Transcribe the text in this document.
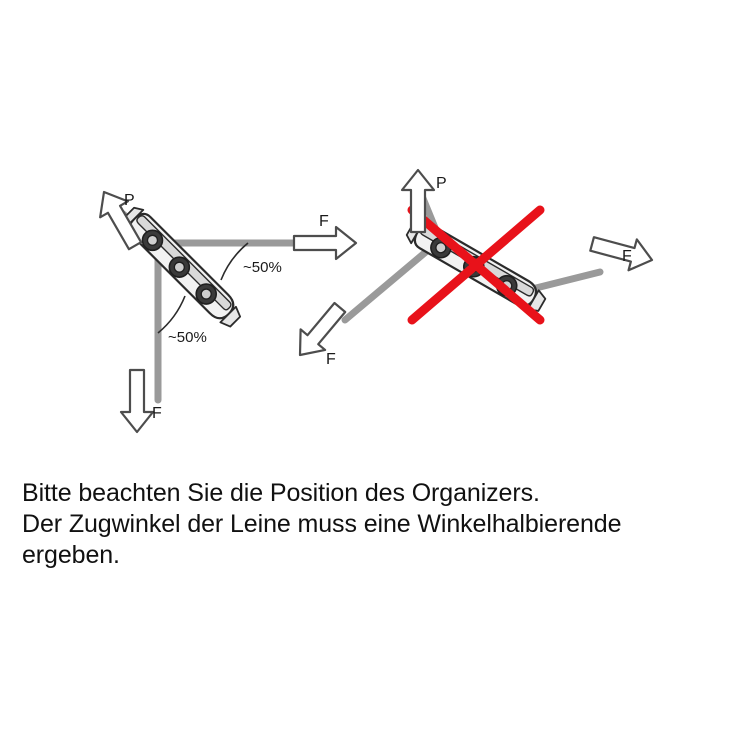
~50%
~50%
P
F
F
P
F
F
Bitte beachten Sie die Position des Organizers.
Der Zugwinkel der Leine muss eine Winkelhalbierende
ergeben.
